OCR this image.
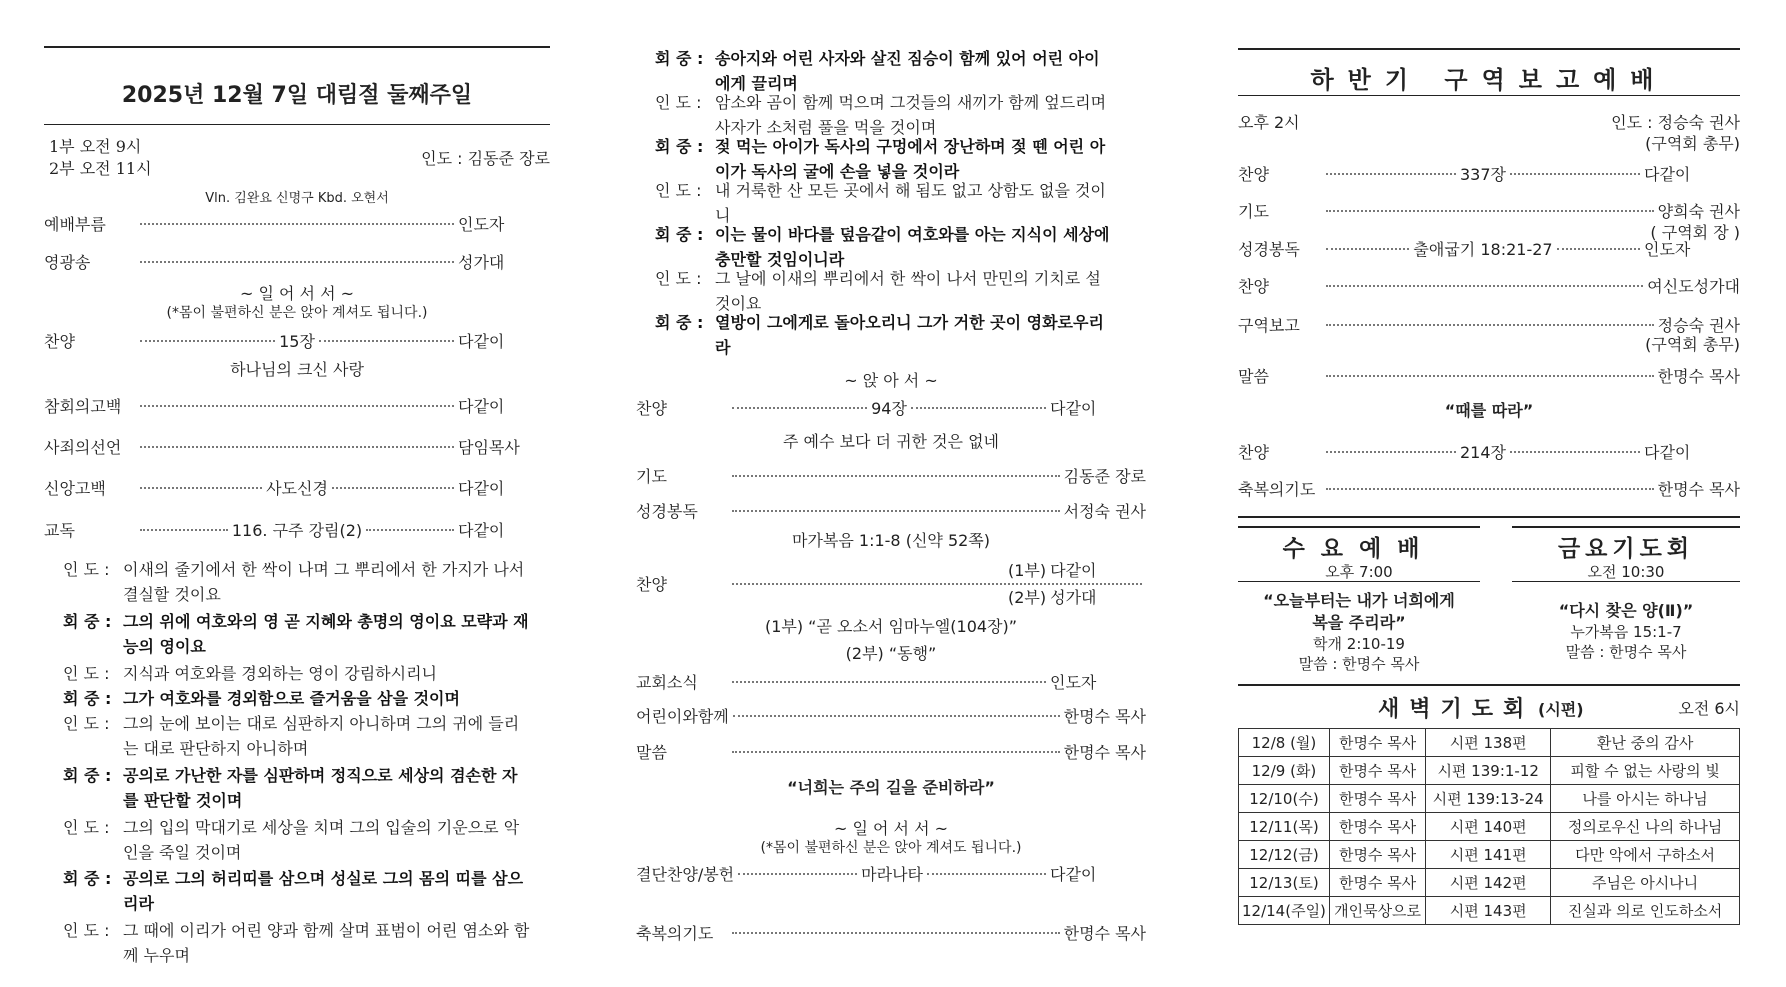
2025년 12월 7일 대림절 둘째주일
1부 오전 9시
2부 오전 11시
인도 : 김동준 장로
Vln. 김완요 신명구 Kbd. 오현서
예배부름	인도자
영광송	성가대
~ 일 어 서 서 ~
(*몸이 불편하신 분은 앉아 계셔도 됩니다.)
찬양	15장	다같이
하나님의 크신 사랑
참회의고백	다같이
사죄의선언	담임목사
신앙고백	사도신경	다같이
교독	116. 구주 강림(2)	다같이
인 도 : 이새의 줄기에서 한 싹이 나며 그 뿌리에서 한 가지가 나서 결실할 것이요
회 중 : 그의 위에 여호와의 영 곧 지혜와 총명의 영이요 모략과 재능의 영이요
인 도 : 지식과 여호와를 경외하는 영이 강림하시리니
회 중 : 그가 여호와를 경외함으로 즐거움을 삼을 것이며
인 도 : 그의 눈에 보이는 대로 심판하지 아니하며 그의 귀에 들리는 대로 판단하지 아니하며
회 중 : 공의로 가난한 자를 심판하며 정직으로 세상의 겸손한 자를 판단할 것이며
인 도 : 그의 입의 막대기로 세상을 치며 그의 입술의 기운으로 악인을 죽일 것이며
회 중 : 공의로 그의 허리띠를 삼으며 성실로 그의 몸의 띠를 삼으리라
인 도 : 그 때에 이리가 어린 양과 함께 살며 표범이 어린 염소와 함께 누우며
회 중 : 송아지와 어린 사자와 살진 짐승이 함께 있어 어린 아이에게 끌리며
인 도 : 암소와 곰이 함께 먹으며 그것들의 새끼가 함께 엎드리며 사자가 소처럼 풀을 먹을 것이며
회 중 : 젖 먹는 아이가 독사의 구멍에서 장난하며 젖 뗀 어린 아이가 독사의 굴에 손을 넣을 것이라
인 도 : 내 거룩한 산 모든 곳에서 해 됨도 없고 상함도 없을 것이니
회 중 : 이는 물이 바다를 덮음같이 여호와를 아는 지식이 세상에 충만할 것임이니라
인 도 : 그 날에 이새의 뿌리에서 한 싹이 나서 만민의 기치로 설 것이요
회 중 : 열방이 그에게로 돌아오리니 그가 거한 곳이 영화로우리라
~ 앉 아 서 ~
찬양	94장	다같이
주 예수 보다 더 귀한 것은 없네
기도	김동준 장로
성경봉독	서정숙 권사
마가복음 1:1-8 (신약 52쪽)
찬양
(1부) 다같이
(2부) 성가대
(1부) “곧 오소서 임마누엘(104장)”
(2부) “동행”
교회소식	인도자
어린이와함께	한명수 목사
말씀	한명수 목사
“너희는 주의 길을 준비하라”
~ 일 어 서 서 ~
(*몸이 불편하신 분은 앉아 계셔도 됩니다.)
결단찬양/봉헌	마라나타	다같이
축복의기도	한명수 목사
하반기 구역보고예배
오후 2시	인도 : 정승숙 권사
(구역회 총무)
찬양	337장	다같이
기도	양희숙 권사
( 구역회 장 )
성경봉독	출애굽기 18:21-27	인도자
찬양	여신도성가대
구역보고	정승숙 권사
(구역회 총무)
말씀	한명수 목사
“때를 따라”
찬양	214장	다같이
축복의기도	한명수 목사
수요예배
오후 7:00
“오늘부터는 내가 너희에게 복을 주리라”
학개 2:10-19
말씀 : 한명수 목사
금요기도회
오전 10:30
“다시 찾은 양(Ⅱ)”
누가복음 15:1-7
말씀 : 한명수 목사
새벽기도회 (시편)	오전 6시
12/8 (월)	한명수 목사	시편 138편	환난 중의 감사
12/9 (화)	한명수 목사	시편 139:1-12	피할 수 없는 사랑의 빛
12/10(수)	한명수 목사	시편 139:13-24	나를 아시는 하나님
12/11(목)	한명수 목사	시편 140편	정의로우신 나의 하나님
12/12(금)	한명수 목사	시편 141편	다만 악에서 구하소서
12/13(토)	한명수 목사	시편 142편	주님은 아시나니
12/14(주일)	개인묵상으로	시편 143편	진실과 의로 인도하소서
